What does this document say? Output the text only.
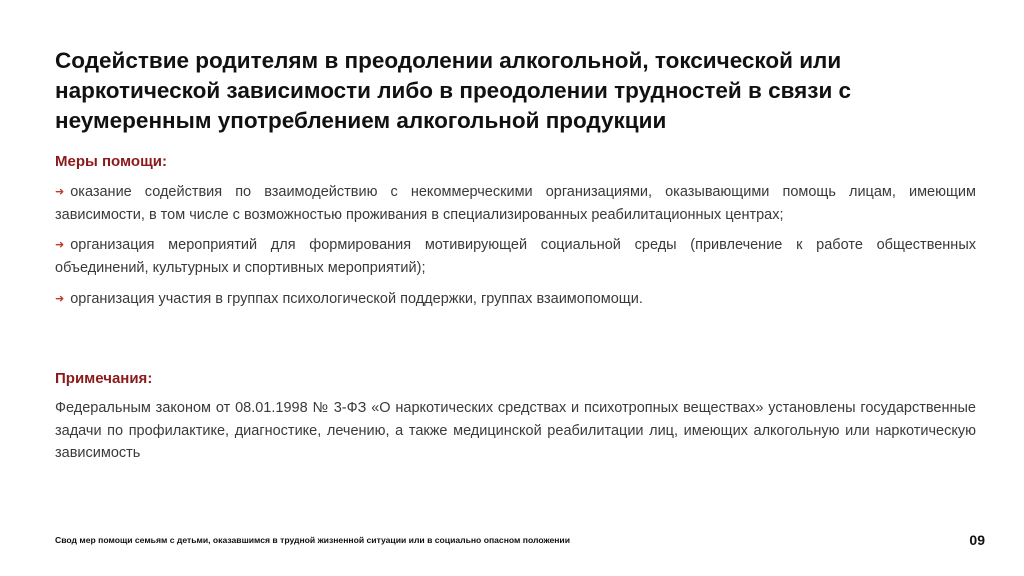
Содействие родителям в преодолении алкогольной, токсической или наркотической зависимости либо в преодолении трудностей в связи с неумеренным употреблением алкогольной продукции
Меры помощи:
➜ оказание содействия по взаимодействию с некоммерческими организациями, оказывающими помощь лицам, имеющим зависимости, в том числе с возможностью проживания в специализированных реабилитационных центрах;
➜ организация мероприятий для формирования мотивирующей социальной среды (привлечение к работе общественных объединений, культурных и спортивных мероприятий);
➜ организация участия в группах психологической поддержки, группах взаимопомощи.
Примечания:

Федеральным законом от 08.01.1998 № 3-ФЗ «О наркотических средствах и психотропных веществах» установлены государственные задачи по профилактике, диагностике, лечению, а также медицинской реабилитации лиц, имеющих алкогольную или наркотическую зависимость

Свод мер помощи семьям с детьми, оказавшимся в трудной жизненной ситуации или в социально опасном положении	09
